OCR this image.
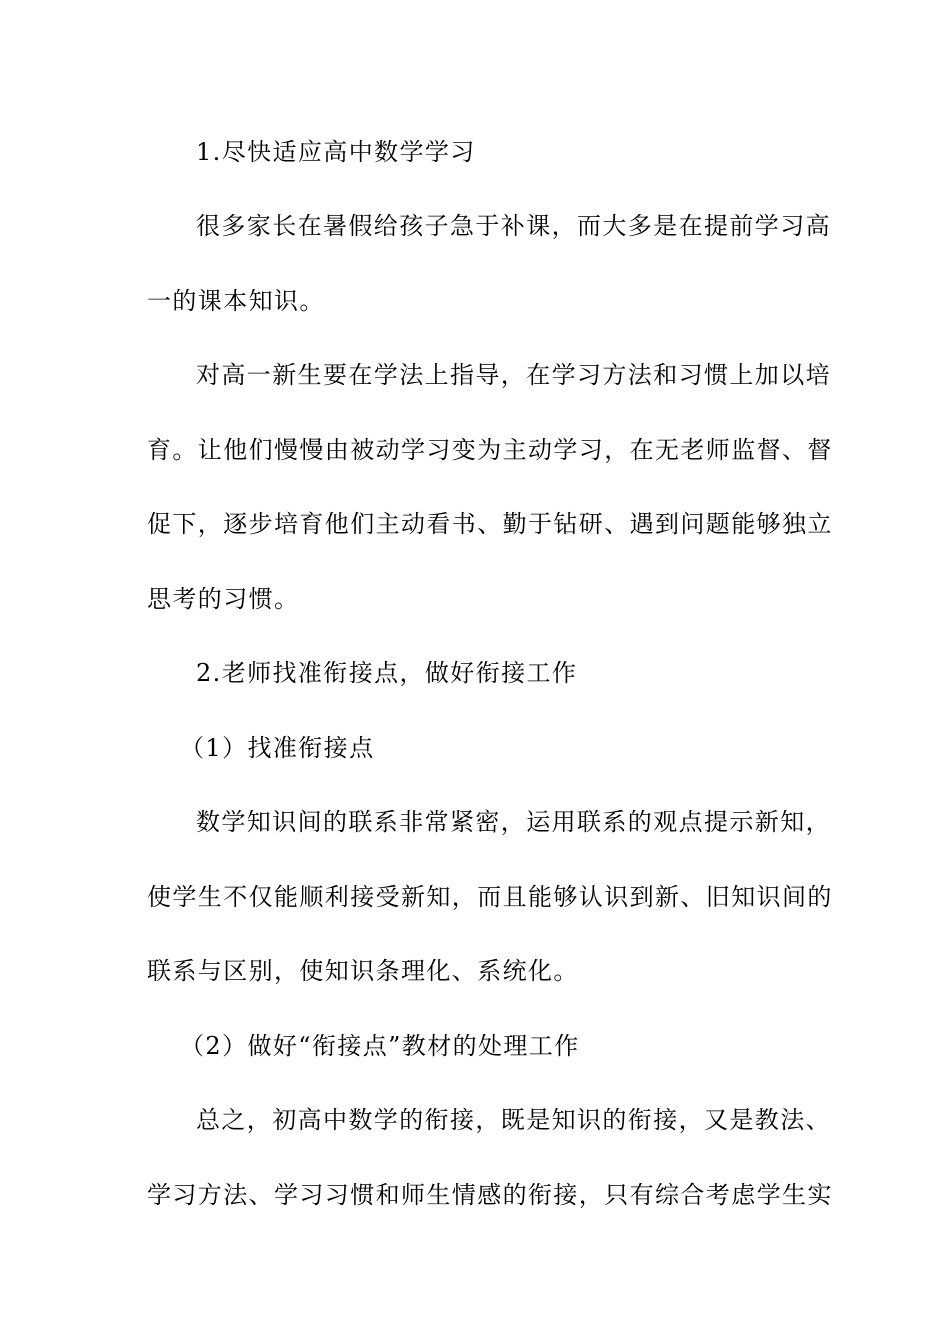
1.尽快适应高中数学学习
很多家长在暑假给孩子急于补课，而大多是在提前学习高
一的课本知识。
对高一新生要在学法上指导，在学习方法和习惯上加以培
育。让他们慢慢由被动学习变为主动学习，在无老师监督、督
促下，逐步培育他们主动看书、勤于钻研、遇到问题能够独立
思考的习惯。
2.老师找准衔接点，做好衔接工作
（1）找准衔接点
数学知识间的联系非常紧密，运用联系的观点提示新知，
使学生不仅能顺利接受新知，而且能够认识到新、旧知识间的
联系与区别，使知识条理化、系统化。
（2）做好“衔接点”教材的处理工作
总之，初高中数学的衔接，既是知识的衔接，又是教法、
学习方法、学习习惯和师生情感的衔接，只有综合考虑学生实
